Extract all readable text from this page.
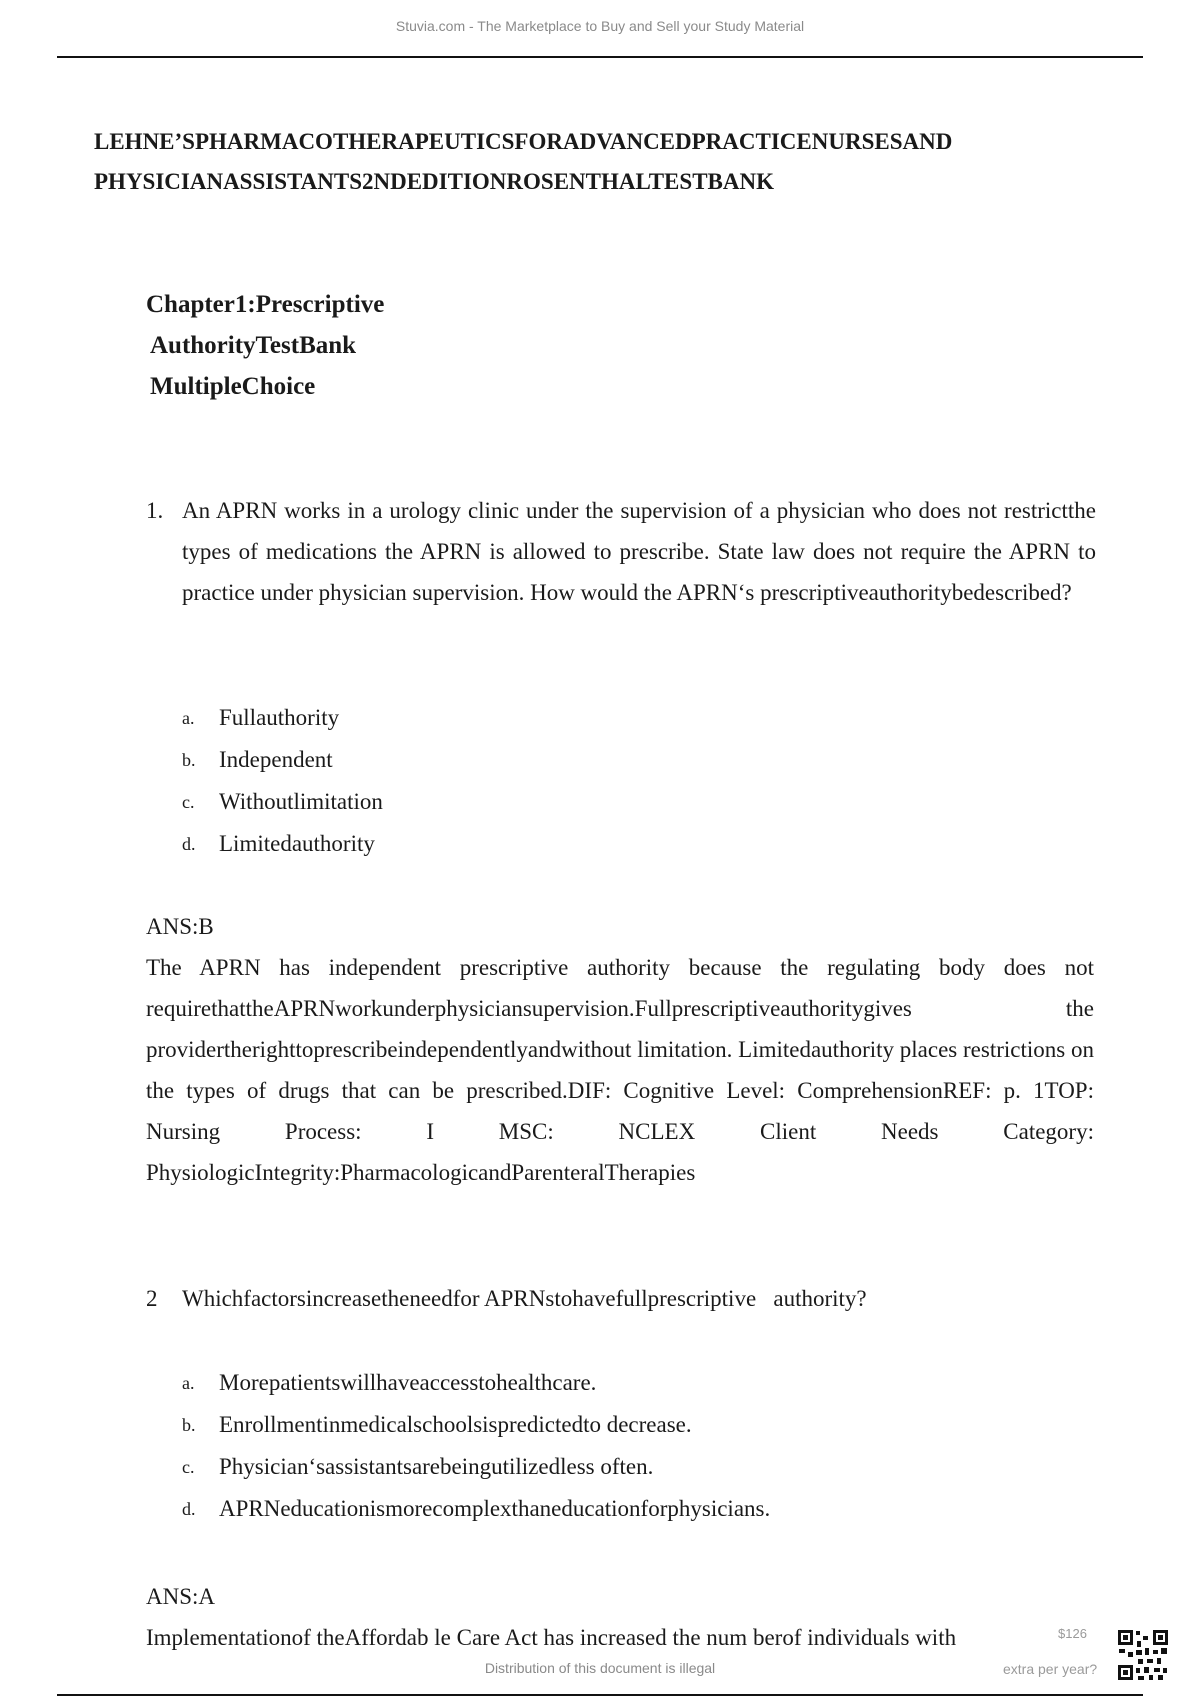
Stuvia.com - The Marketplace to Buy and Sell your Study Material
LEHNE’SPHARMACOTHERAPEUTICSFORADVANCEDPRACTICENURSESAND
PHYSICIANASSISTANTS2NDEDITIONROSENTHALTESTBANK
Chapter1:Prescriptive
AuthorityTestBank
MultipleChoice
1. An APRN works in a urology clinic under the supervision of a physician who does not restrictthe types of medications the APRN is allowed to prescribe. State law does not require the APRN to practice under physician supervision. How would the APRN‘s prescriptiveauthoritybedescribed?
a.	Fullauthority
b.	Independent
c.	Withoutlimitation
d.	Limitedauthority
ANS:B

The APRN has independent prescriptive authority because the regulating body does not requirethattheAPRNworkunderphysiciansupervision.Fullprescriptiveauthoritygives the providertherighttoprescribeindependentlyandwithout limitation. Limitedauthority places restrictions on the types of drugs that can be prescribed.DIF: Cognitive Level: ComprehensionREF: p. 1TOP: Nursing Process: I MSC: NCLEX Client Needs Category: PhysiologicIntegrity:PharmacologicandParenteralTherapies

2	Whichfactorsincreasetheneedfor APRNstohavefullprescriptive   authority?
a.	Morepatientswillhaveaccesstohealthcare.
b.	Enrollmentinmedicalschoolsispredictedto decrease.
c.	Physician‘sassistantsarebeingutilizedless often.
d.	APRNeducationismorecomplexthaneducationforphysicians.
ANS:A

Implementationof theAffordab le Care Act has increased the num berof individuals with

Distribution of this document is illegal
$126
extra per year?
